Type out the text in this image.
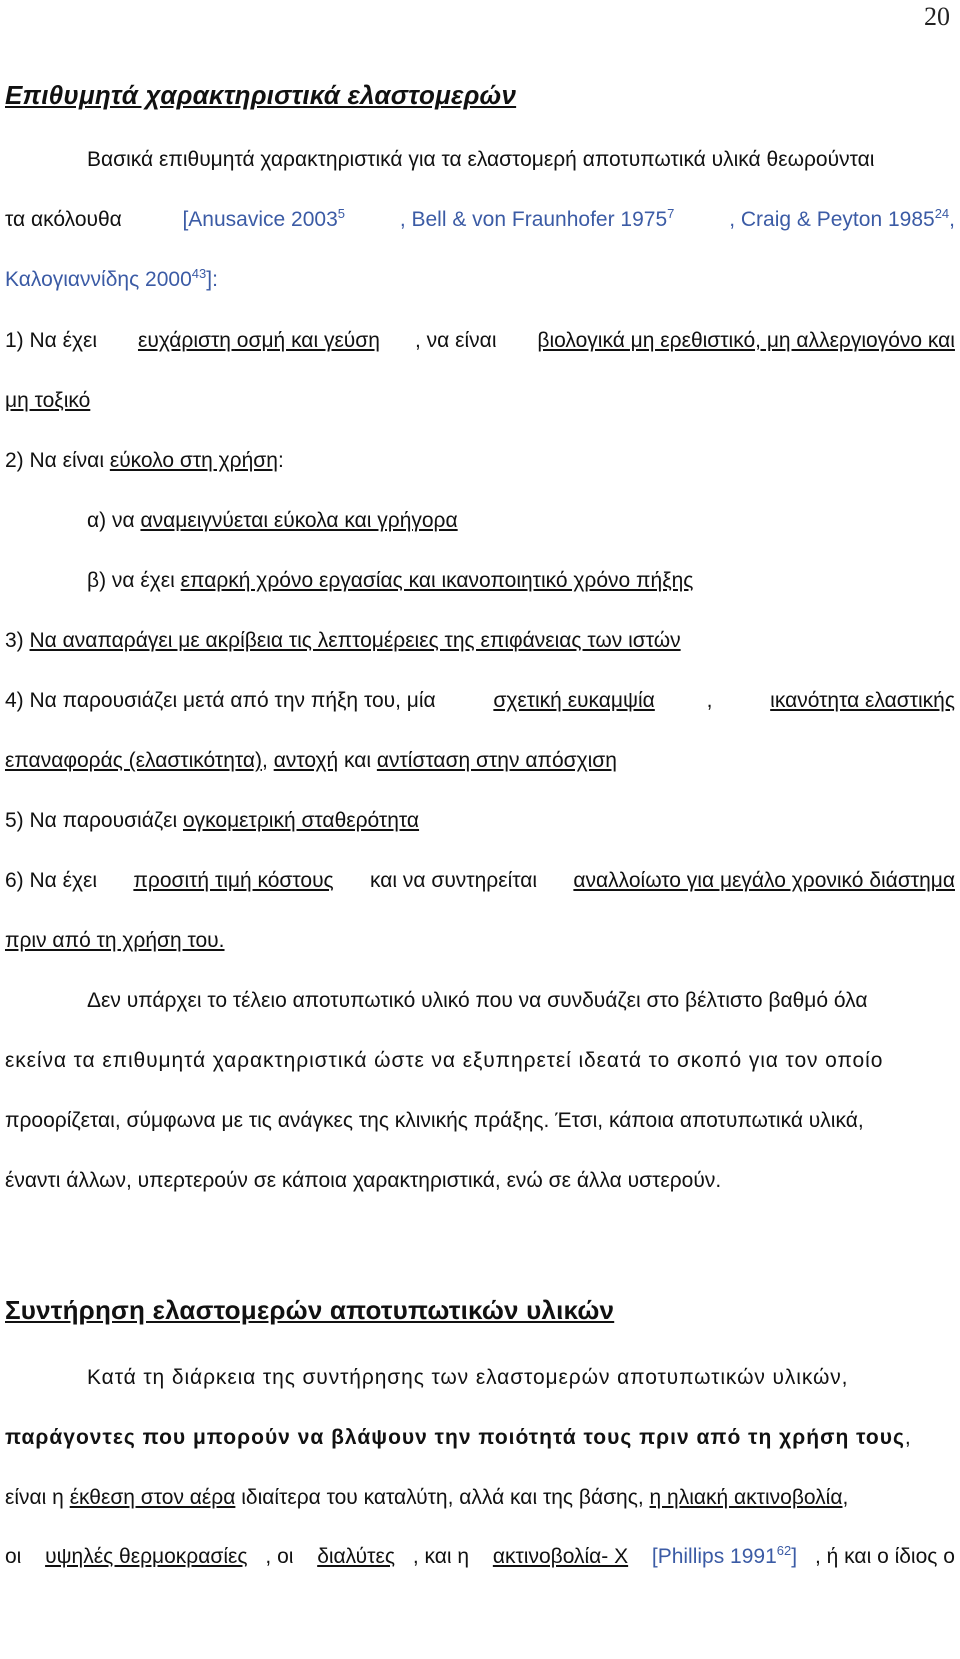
20
Επιθυμητά χαρακτηριστικά ελαστομερών
Βασικά επιθυμητά χαρακτηριστικά για τα ελαστομερή αποτυπωτικά υλικά θεωρούνται
τα ακόλουθα	[Anusavice 2003$^5$	, Bell & von Fraunhofer 1975$^7$	, Craig & Peyton 1985$^{24}$,
Καλογιαννίδης 2000$^{43}$]:
1) Να έχει ευχάριστη οσμή και γεύση , να είναι βιολογικά μη ερεθιστικό, μη αλλεργιογόνο και
μη τοξικό
2) Να είναι εύκολο στη χρήση:
α) να αναμειγνύεται εύκολα και γρήγορα
β) να έχει επαρκή χρόνο εργασίας και ικανοποιητικό χρόνο πήξης
3) Να αναπαράγει με ακρίβεια τις λεπτομέρειες της επιφάνειας των ιστών
4) Να παρουσιάζει μετά από την πήξη του, μία σχετική ευκαμψία , ικανότητα ελαστικής
επαναφοράς (ελαστικότητα), αντοχή και αντίσταση στην απόσχιση
5) Να παρουσιάζει ογκομετρική σταθερότητα
6) Να έχει προσιτή τιμή κόστους και να συντηρείται αναλλοίωτο για μεγάλο χρονικό διάστημα
πριν από τη χρήση του.
Δεν υπάρχει το τέλειο αποτυπωτικό υλικό που να συνδυάζει στο βέλτιστο βαθμό όλα
εκείνα τα επιθυμητά χαρακτηριστικά ώστε να εξυπηρετεί ιδεατά το σκοπό για τον οποίο
προορίζεται, σύμφωνα με τις ανάγκες της κλινικής πράξης. Έτσι, κάποια αποτυπωτικά υλικά,
έναντι άλλων, υπερτερούν σε κάποια χαρακτηριστικά, ενώ σε άλλα υστερούν.
Συντήρηση ελαστομερών αποτυπωτικών υλικών
Κατά τη διάρκεια της συντήρησης των ελαστομερών αποτυπωτικών υλικών,
παράγοντες που μπορούν να βλάψουν την ποιότητά τους πριν από τη χρήση τους,
είναι η έκθεση στον αέρα ιδιαίτερα του καταλύτη, αλλά και της βάσης, η ηλιακή ακτινοβολία,
οι υψηλές θερμοκρασίες , οι διαλύτες , και η ακτινοβολία- Χ [Phillips 1991$^{62}$] , ή και ο ίδιος ο
